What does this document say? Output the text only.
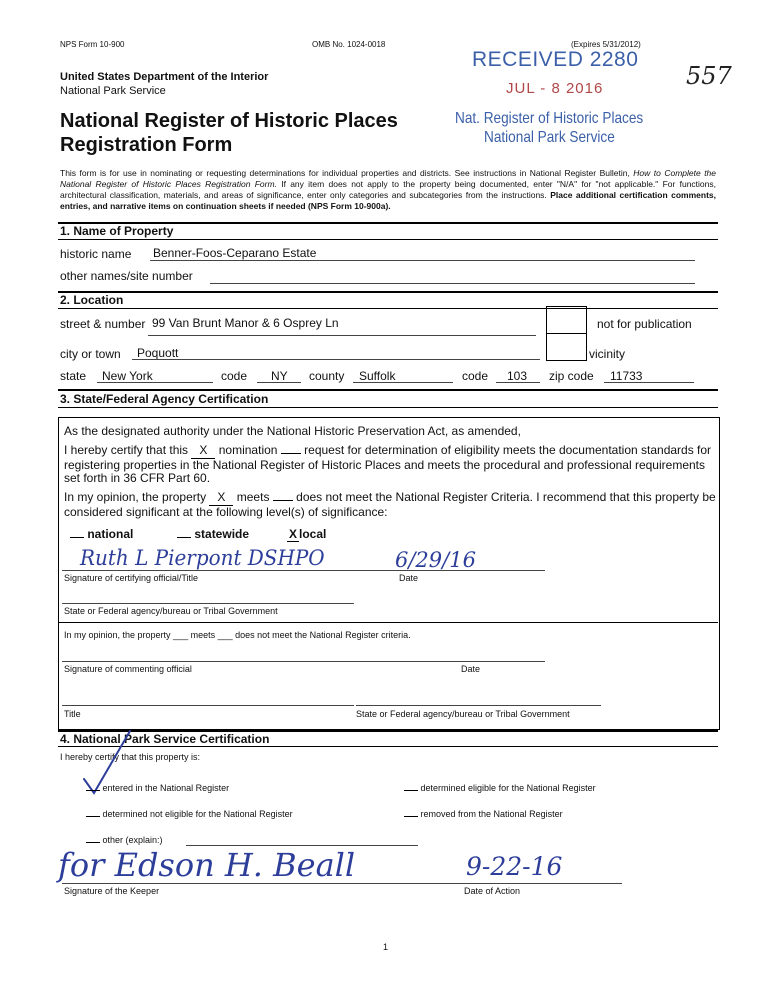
NPS Form 10-900	OMB No. 1024-0018	(Expires 5/31/2012)
United States Department of the Interior
National Park Service
National Register of Historic Places
Registration Form
RECEIVED 2280
JUL - 8 2016
Nat. Register of Historic Places
National Park Service
557
This form is for use in nominating or requesting determinations for individual properties and districts. See instructions in National Register Bulletin, How to Complete the National Register of Historic Places Registration Form. If any item does not apply to the property being documented, enter "N/A" for "not applicable." For functions, architectural classification, materials, and areas of significance, enter only categories and subcategories from the instructions. Place additional certification comments, entries, and narrative items on continuation sheets if needed (NPS Form 10-900a).
1. Name of Property
historic name Benner-Foos-Ceparano Estate
other names/site number
2. Location
street & number 99 Van Brunt Manor & 6 Osprey Ln	not for publication
city or town Poquott	vicinity
state New York	code NY county Suffolk	code 103 zip code 11733
3. State/Federal Agency Certification
As the designated authority under the National Historic Preservation Act, as amended,
I hereby certify that this X nomination request for determination of eligibility meets the documentation standards for registering properties in the National Register of Historic Places and meets the procedural and professional requirements set forth in 36 CFR Part 60.
In my opinion, the property X meets does not meet the National Register Criteria. I recommend that this property be considered significant at the following level(s) of significance:
national	statewide	X local
Ruth L Pierpont DSHPO	6/29/16
Signature of certifying official/Title	Date
State or Federal agency/bureau or Tribal Government
In my opinion, the property ___ meets ___ does not meet the National Register criteria.
Signature of commenting official	Date
Title	State or Federal agency/bureau or Tribal Government
4. National Park Service Certification
I hereby certify that this property is:
entered in the National Register	determined eligible for the National Register
determined not eligible for the National Register	removed from the National Register
other (explain:)
for Edson H. Beall	9-22-16
Signature of the Keeper	Date of Action
1
